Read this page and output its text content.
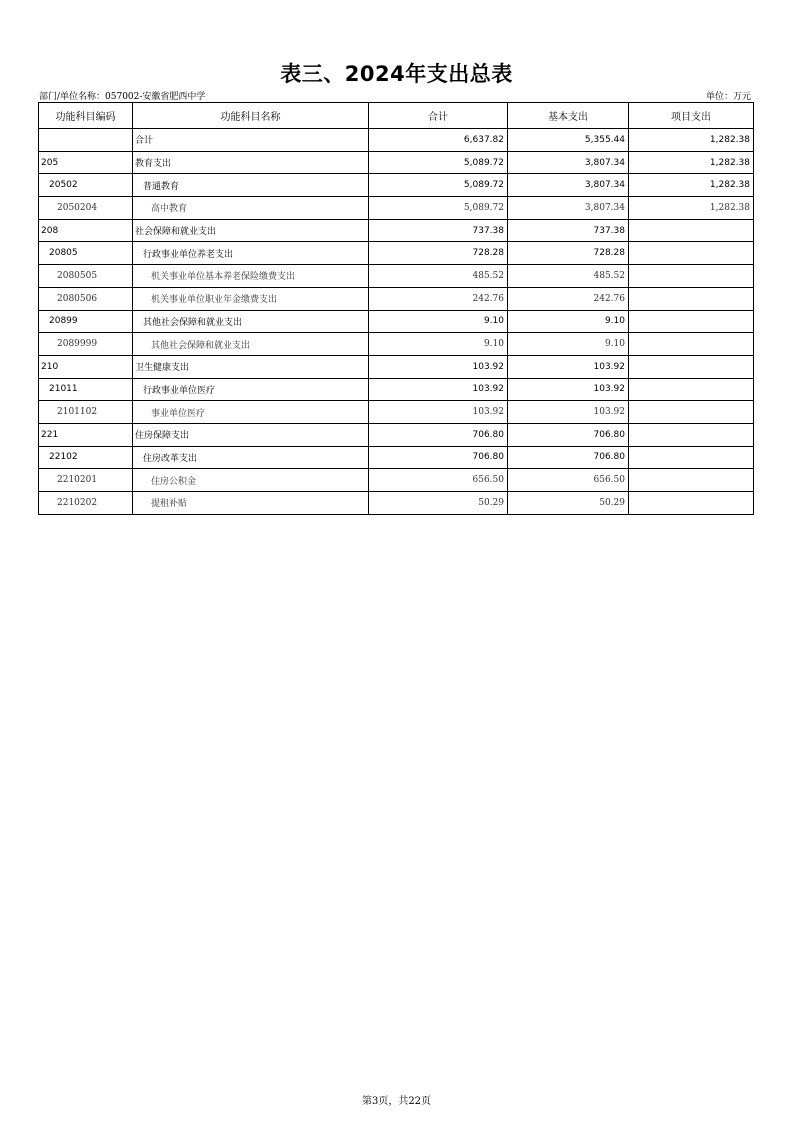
表三、2024年支出总表
部门/单位名称：057002-安徽省肥西中学	单位：万元
功能科目编码	功能科目名称	合计	基本支出	项目支出
	合计	6,637.82	5,355.44	1,282.38
205	教育支出	5,089.72	3,807.34	1,282.38
20502	普通教育	5,089.72	3,807.34	1,282.38
2050204	高中教育	5,089.72	3,807.34	1,282.38
208	社会保障和就业支出	737.38	737.38	
20805	行政事业单位养老支出	728.28	728.28	
2080505	机关事业单位基本养老保险缴费支出	485.52	485.52	
2080506	机关事业单位职业年金缴费支出	242.76	242.76	
20899	其他社会保障和就业支出	9.10	9.10	
2089999	其他社会保障和就业支出	9.10	9.10	
210	卫生健康支出	103.92	103.92	
21011	行政事业单位医疗	103.92	103.92	
2101102	事业单位医疗	103.92	103.92	
221	住房保障支出	706.80	706.80	
22102	住房改革支出	706.80	706.80	
2210201	住房公积金	656.50	656.50	
2210202	提租补贴	50.29	50.29	
第3页，共22页
